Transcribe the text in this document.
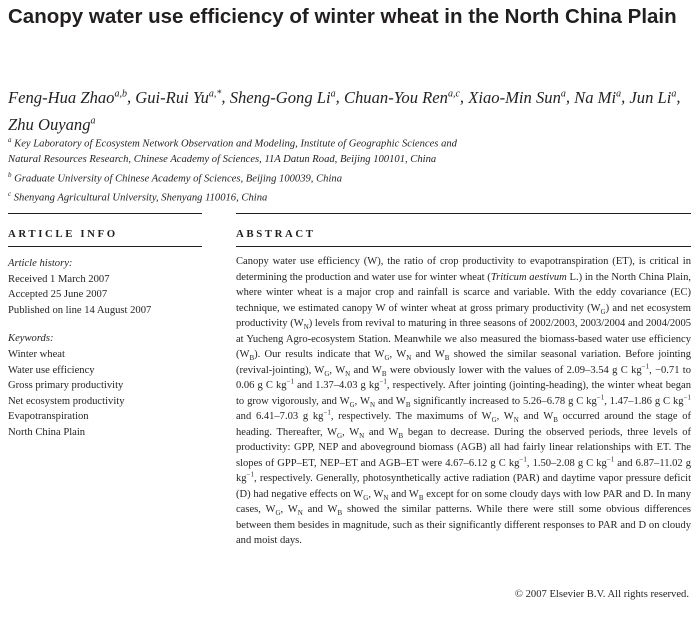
Canopy water use efficiency of winter wheat in the North China Plain

Feng-Hua Zhao$^{a,b}$, Gui-Rui $Yu^{a,*}$, Sheng-Gong Li$^a$, Chuan-You Ren$^{a,c}$, Xiao-Min Sun$^a$, Na Mi$^a$, Jun Li$^a$, Zhu Ouyang$^a$

$^a$ Key Laboratory of Ecosystem Network Observation and Modeling, Institute of Geographic Sciences and
Natural Resources Research, Chinese Academy of Sciences, 11A Datun Road, Beijing 100101, China
$^b$ Graduate University of Chinese Academy of Sciences, Beijing 100039, China
$^c$ Shenyang Agricultural University, Shenyang 110016, China
ARTICLE INFO	ABSTRACT
Article history:
Received 1 March 2007
Accepted 25 June 2007
Published on line 14 August 2007
Keywords:
Winter wheat
Water use efficiency
Gross primary productivity
Net ecosystem productivity
Evapotranspiration
North China Plain

Canopy water use efficiency (W), the ratio of crop productivity to evapotranspiration (ET), is critical in determining the production and water use for winter wheat (Triticum aestivum L.) in the North China Plain, where winter wheat is a major crop and rainfall is scarce and variable. With the eddy covariance (EC) technique, we estimated canopy W of winter wheat at gross primary productivity $(W_G)$ and net ecosystem productivity $(W_N)$ levels from revival to maturing in three seasons of 2002/2003, 2003/2004 and 2004/2005 at Yucheng Agro-ecosystem Station. Meanwhile we also measured the biomass-based water use efficiency $(W_B)$. Our results indicate that $W_G$, $W_N$ and $W_B$ showed the similar seasonal variation. Before jointing (revival-jointing), $W_G$, $W_N$ and $W_B$ were obviously lower with the values of 2.09–3.54 g C $kg^{-1}$, −0.71 to 0.06 g C $kg^{-1}$ and 1.37–4.03 g $kg^{-1}$, respectively. After jointing (jointing-heading), the winter wheat began to grow vigorously, and $W_G$, $W_N$ and $W_B$ significantly increased to 5.26–6.78 g C $kg^{-1}$, 1.47–1.86 g C $kg^{-1}$ and 6.41–7.03 g $kg^{-1}$, respectively. The maximums of $W_G$, $W_N$ and $W_B$ occurred around the stage of heading. Thereafter, $W_G$, $W_N$ and $W_B$ began to decrease. During the observed periods, three levels of productivity: GPP, NEP and aboveground biomass (AGB) all had fairly linear relationships with ET. The slopes of GPP–ET, NEP–ET and AGB–ET were 4.67–6.12 g C $kg^{-1}$, 1.50–2.08 g C $kg^{-1}$ and 6.87–11.02 g $kg^{-1}$, respectively. Generally, photosynthetically active radiation (PAR) and daytime vapor pressure deficit (D) had negative effects on $W_G$, $W_N$ and $W_B$ except for on some cloudy days with low PAR and D. In many cases, $W_G$, $W_N$ and $W_B$ showed the similar patterns. While there were still some obvious differences between them besides in magnitude, such as their significantly different responses to PAR and D on cloudy and moist days.

© 2007 Elsevier B.V. All rights reserved.
